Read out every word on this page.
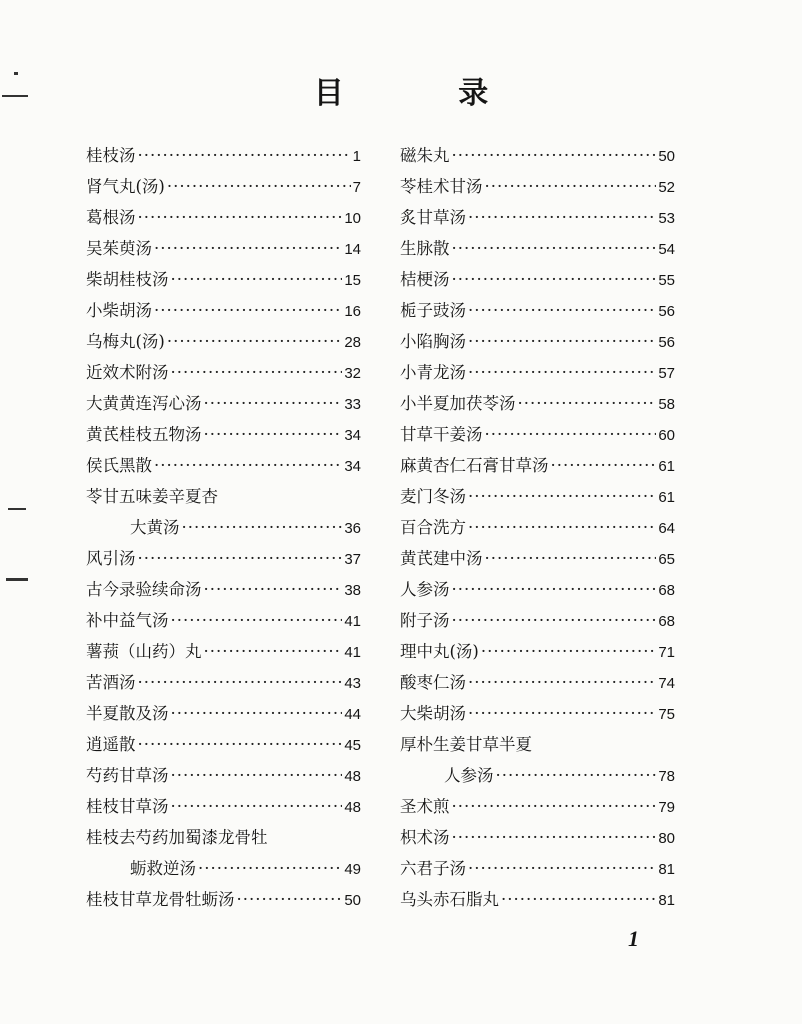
目 录
桂枝汤 ·····	1
肾气丸(汤) ·····	7
葛根汤 ·····	10
吴茱萸汤 ·····	14
柴胡桂枝汤 ·····	15
小柴胡汤 ·····	16
乌梅丸(汤) ·····	28
近效术附汤 ·····	32
大黄黄连泻心汤 ·····	33
黄芪桂枝五物汤 ·····	34
侯氏黑散 ·····	34
苓甘五味姜辛夏杏
大黄汤 ·····	36
风引汤 ·····	37
古今录验续命汤 ·····	38
补中益气汤 ·····	41
薯蓣（山药）丸 ·····	41
苦酒汤 ·····	43
半夏散及汤 ·····	44
逍遥散 ·····	45
芍药甘草汤 ·····	48
桂枝甘草汤 ·····	48
桂枝去芍药加蜀漆龙骨牡
蛎救逆汤 ·····	49
桂枝甘草龙骨牡蛎汤 ·····	50
磁朱丸 ·····	50
苓桂术甘汤 ·····	52
炙甘草汤 ·····	53
生脉散 ·····	54
桔梗汤 ·····	55
栀子豉汤 ·····	56
小陷胸汤 ·····	56
小青龙汤 ·····	57
小半夏加茯苓汤 ·····	58
甘草干姜汤 ·····	60
麻黄杏仁石膏甘草汤 ·····	61
麦门冬汤 ·····	61
百合洗方 ·····	64
黄芪建中汤 ·····	65
人参汤 ·····	68
附子汤 ·····	68
理中丸(汤) ·····	71
酸枣仁汤 ·····	74
大柴胡汤 ·····	75
厚朴生姜甘草半夏
人参汤 ·····	78
圣术煎 ·····	79
枳术汤 ·····	80
六君子汤 ·····	81
乌头赤石脂丸 ·····	81
1
